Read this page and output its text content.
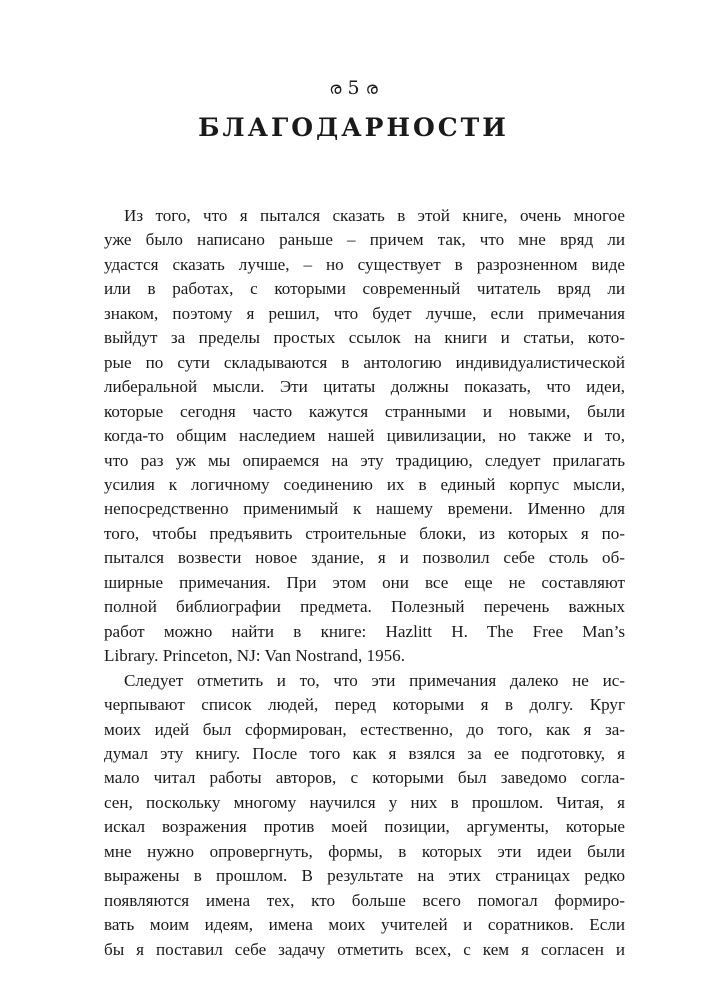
ര 5 ര
БЛАГОДАРНОСТИ

Из того, что я пытался сказать в этой книге, очень многое
уже было написано раньше – причем так, что мне вряд ли
удастся сказать лучше, – но существует в разрозненном виде
или в работах, с которыми современный читатель вряд ли
знаком, поэтому я решил, что будет лучше, если примечания
выйдут за пределы простых ссылок на книги и статьи, кото-
рые по сути складываются в антологию индивидуалистической
либеральной мысли. Эти цитаты должны показать, что идеи,
которые сегодня часто кажутся странными и новыми, были
когда-то общим наследием нашей цивилизации, но также и то,
что раз уж мы опираемся на эту традицию, следует прилагать
усилия к логичному соединению их в единый корпус мысли,
непосредственно применимый к нашему времени. Именно для
того, чтобы предъявить строительные блоки, из которых я по-
пытался возвести новое здание, я и позволил себе столь об-
ширные примечания. При этом они все еще не составляют
полной библиографии предмета. Полезный перечень важных
работ можно найти в книге: Hazlitt H. The Free Man’s
Library. Princeton, NJ: Van Nostrand, 1956.

Следует отметить и то, что эти примечания далеко не ис-
черпывают список людей, перед которыми я в долгу. Круг
моих идей был сформирован, естественно, до того, как я за-
думал эту книгу. После того как я взялся за ее подготовку, я
мало читал работы авторов, с которыми был заведомо согла-
сен, поскольку многому научился у них в прошлом. Читая, я
искал возражения против моей позиции, аргументы, которые
мне нужно опровергнуть, формы, в которых эти идеи были
выражены в прошлом. В результате на этих страницах редко
появляются имена тех, кто больше всего помогал формиро-
вать моим идеям, имена моих учителей и соратников. Если
бы я поставил себе задачу отметить всех, с кем я согласен и
